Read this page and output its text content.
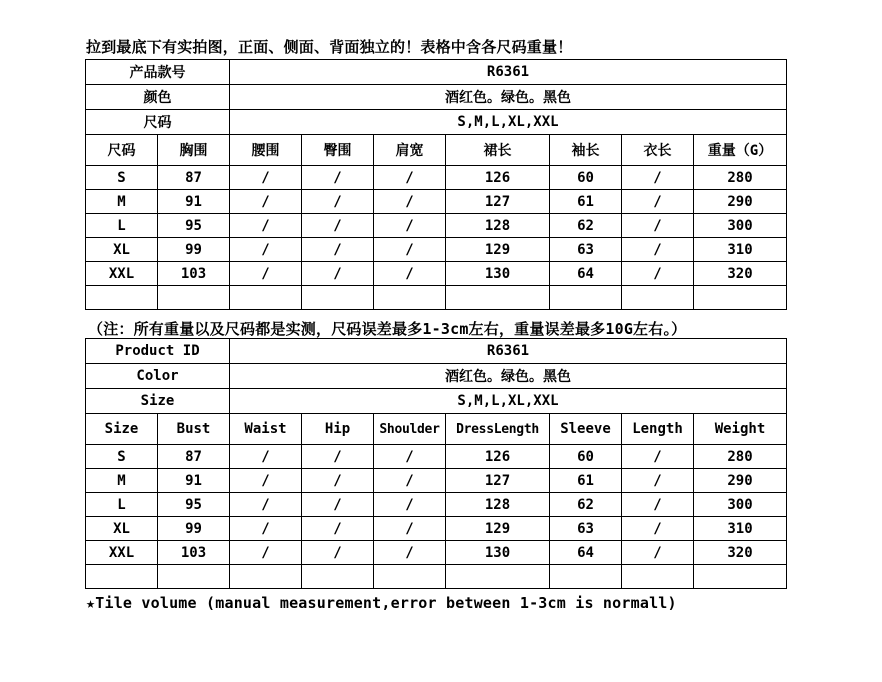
拉到最底下有实拍图，正面、侧面、背面独立的！表格中含各尺码重量！
产品款号		R6361						
颜色		酒红色。绿色。黑色						
尺码		S,M,L,XL,XXL						
尺码	胸围	腰围	臀围	肩宽	裙长	袖长	衣长	重量（G）
S	87	/	/	/	126	60	/	280
M	91	/	/	/	127	61	/	290
L	95	/	/	/	128	62	/	300
XL	99	/	/	/	129	63	/	310
XXL	103	/	/	/	130	64	/	320

（注：所有重量以及尺码都是实测，尺码误差最多1-3cm左右，重量误差最多10G左右。）
Product ID		R6361						
Color		酒红色。绿色。黑色						
Size		S,M,L,XL,XXL						
Size	Bust	Waist	Hip	Shoulder	DressLength	Sleeve	Length	Weight
S	87	/	/	/	126	60	/	280
M	91	/	/	/	127	61	/	290
L	95	/	/	/	128	62	/	300
XL	99	/	/	/	129	63	/	310
XXL	103	/	/	/	130	64	/	320

★Tile volume (manual measurement,error between 1-3cm is normall)
